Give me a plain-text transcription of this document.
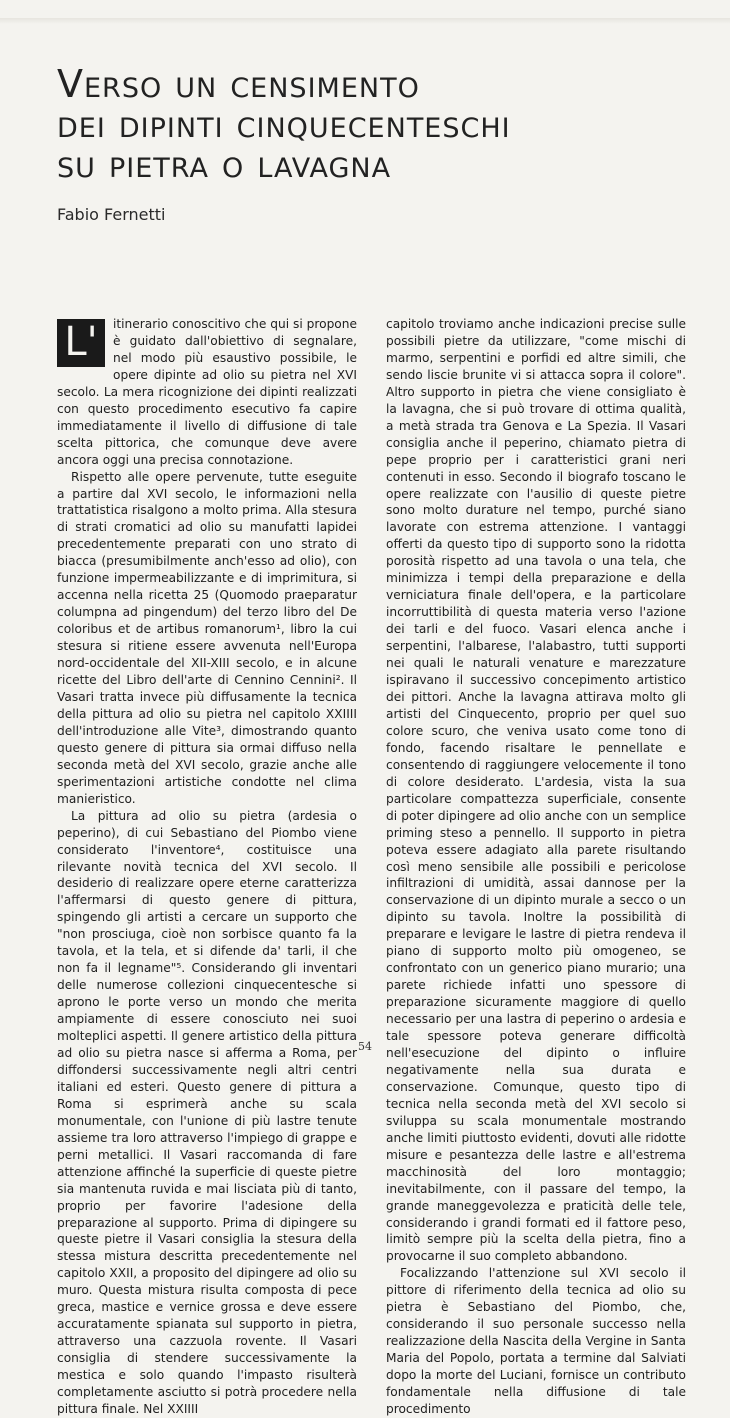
Verso un censimento
dei dipinti cinquecenteschi
su pietra o lavagna
Fabio Fernetti

L'	itinerario conoscitivo che qui si propone è guidato dall'obiettivo di segnalare, nel modo più esaustivo possibile, le opere dipinte ad olio su pietra nel XVI secolo. La mera ricognizione dei dipinti realizzati con questo procedimento esecutivo fa capire immediatamente il livello di diffusione di tale scelta pittorica, che comunque deve avere ancora oggi una precisa connotazione.

Rispetto alle opere pervenute, tutte eseguite a partire dal XVI secolo, le informazioni nella trattatistica risalgono a molto prima. Alla stesura di strati cromatici ad olio su manufatti lapidei precedentemente preparati con uno strato di biacca (presumibilmente anch'esso ad olio), con funzione impermeabilizzante e di imprimitura, si accenna nella ricetta 25 (Quomodo praeparatur columpna ad pingendum) del terzo libro del De coloribus et de artibus romanorum¹, libro la cui stesura si ritiene essere avvenuta nell'Europa nord-occidentale del XII-XIII secolo, e in alcune ricette del Libro dell'arte di Cennino Cennini². Il Vasari tratta invece più diffusamente la tecnica della pittura ad olio su pietra nel capitolo XXIIII dell'introduzione alle Vite³, dimostrando quanto questo genere di pittura sia ormai diffuso nella seconda metà del XVI secolo, grazie anche alle sperimentazioni artistiche condotte nel clima manieristico.

La pittura ad olio su pietra (ardesia o peperino), di cui Sebastiano del Piombo viene considerato l'inventore⁴, costituisce una rilevante novità tecnica del XVI secolo. Il desiderio di realizzare opere eterne caratterizza l'affermarsi di questo genere di pittura, spingendo gli artisti a cercare un supporto che "non prosciuga, cioè non sorbisce quanto fa la tavola, et la tela, et si difende da' tarli, il che non fa il legname"⁵. Considerando gli inventari delle numerose collezioni cinquecentesche si aprono le porte verso un mondo che merita ampiamente di essere conosciuto nei suoi molteplici aspetti. Il genere artistico della pittura ad olio su pietra nasce si afferma a Roma, per diffondersi successivamente negli altri centri italiani ed esteri. Questo genere di pittura a Roma si esprimerà anche su scala monumentale, con l'unione di più lastre tenute assieme tra loro attraverso l'impiego di grappe e perni metallici. Il Vasari raccomanda di fare attenzione affinché la superficie di queste pietre sia mantenuta ruvida e mai lisciata più di tanto, proprio per favorire l'adesione della preparazione al supporto. Prima di dipingere su queste pietre il Vasari consiglia la stesura della stessa mistura descritta precedentemente nel capitolo XXII, a proposito del dipingere ad olio su muro. Questa mistura risulta composta di pece greca, mastice e vernice grossa e deve essere accuratamente spianata sul supporto in pietra, attraverso una cazzuola rovente. Il Vasari consiglia di stendere successivamente la mestica e solo quando l'impasto risulterà completamente asciutto si potrà procedere nella pittura finale. Nel XXIIII

capitolo troviamo anche indicazioni precise sulle possibili pietre da utilizzare, "come mischi di marmo, serpentini e porfidi ed altre simili, che sendo liscie brunite vi si attacca sopra il colore". Altro supporto in pietra che viene consigliato è la lavagna, che si può trovare di ottima qualità, a metà strada tra Genova e La Spezia. Il Vasari consiglia anche il peperino, chiamato pietra di pepe proprio per i caratteristici grani neri contenuti in esso. Secondo il biografo toscano le opere realizzate con l'ausilio di queste pietre sono molto durature nel tempo, purché siano lavorate con estrema attenzione. I vantaggi offerti da questo tipo di supporto sono la ridotta porosità rispetto ad una tavola o una tela, che minimizza i tempi della preparazione e della verniciatura finale dell'opera, e la particolare incorruttibilità di questa materia verso l'azione dei tarli e del fuoco. Vasari elenca anche i serpentini, l'albarese, l'alabastro, tutti supporti nei quali le naturali venature e marezzature ispiravano il successivo concepimento artistico dei pittori. Anche la lavagna attirava molto gli artisti del Cinquecento, proprio per quel suo colore scuro, che veniva usato come tono di fondo, facendo risaltare le pennellate e consentendo di raggiungere velocemente il tono di colore desiderato. L'ardesia, vista la sua particolare compattezza superficiale, consente di poter dipingere ad olio anche con un semplice priming steso a pennello. Il supporto in pietra poteva essere adagiato alla parete risultando così meno sensibile alle possibili e pericolose infiltrazioni di umidità, assai dannose per la conservazione di un dipinto murale a secco o un dipinto su tavola. Inoltre la possibilità di preparare e levigare le lastre di pietra rendeva il piano di supporto molto più omogeneo, se confrontato con un generico piano murario; una parete richiede infatti uno spessore di preparazione sicuramente maggiore di quello necessario per una lastra di peperino o ardesia e tale spessore poteva generare difficoltà nell'esecuzione del dipinto o influire negativamente nella sua durata e conservazione. Comunque, questo tipo di tecnica nella seconda metà del XVI secolo si sviluppa su scala monumentale mostrando anche limiti piuttosto evidenti, dovuti alle ridotte misure e pesantezza delle lastre e all'estrema macchinosità del loro montaggio; inevitabilmente, con il passare del tempo, la grande maneggevolezza e praticità delle tele, considerando i grandi formati ed il fattore peso, limitò sempre più la scelta della pietra, fino a provocarne il suo completo abbandono.

Focalizzando l'attenzione sul XVI secolo il pittore di riferimento della tecnica ad olio su pietra è Sebastiano del Piombo, che, considerando il suo personale successo nella realizzazione della Nascita della Vergine in Santa Maria del Popolo, portata a termine dal Salviati dopo la morte del Luciani, fornisce un contributo fondamentale nella diffusione di tale procedimento

54
